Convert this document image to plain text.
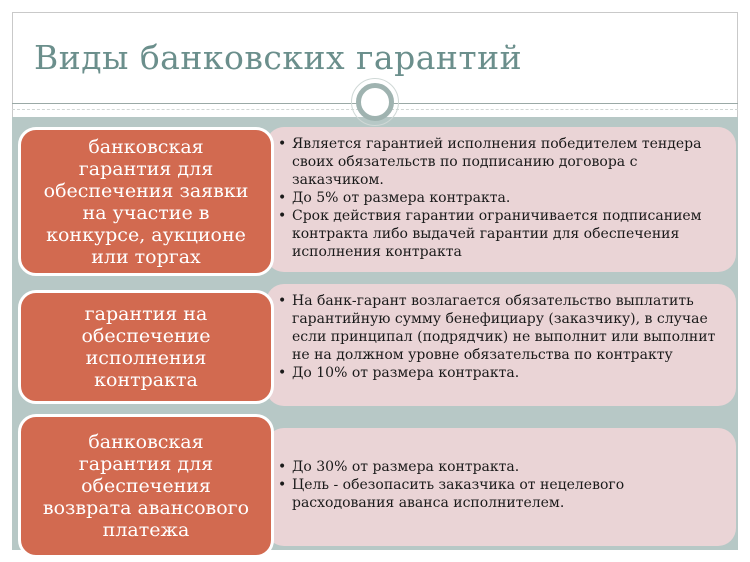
Виды банковских гарантий
• Является гарантией исполнения победителем тендера своих обязательств по подписанию договора с заказчиком.
• До 5% от размера контракта.
• Срок действия гарантии ограничивается подписанием контракта либо выдачей гарантии для обеспечения исполнения контракта
банковская
гарантия для
обеспечения заявки
на участие в
конкурсе, аукционе
или торгах
• На банк-гарант возлагается обязательство выплатить гарантийную сумму бенефициару (заказчику), в случае если принципал (подрядчик) не выполнит или выполнит не на должном уровне обязательства по контракту
• До 10% от размера контракта.
гарантия на
обеспечение
исполнения
контракта
• До 30% от размера контракта.
• Цель - обезопасить заказчика от нецелевого расходования аванса исполнителем.
банковская
гарантия для
обеспечения
возврата авансового
платежа
